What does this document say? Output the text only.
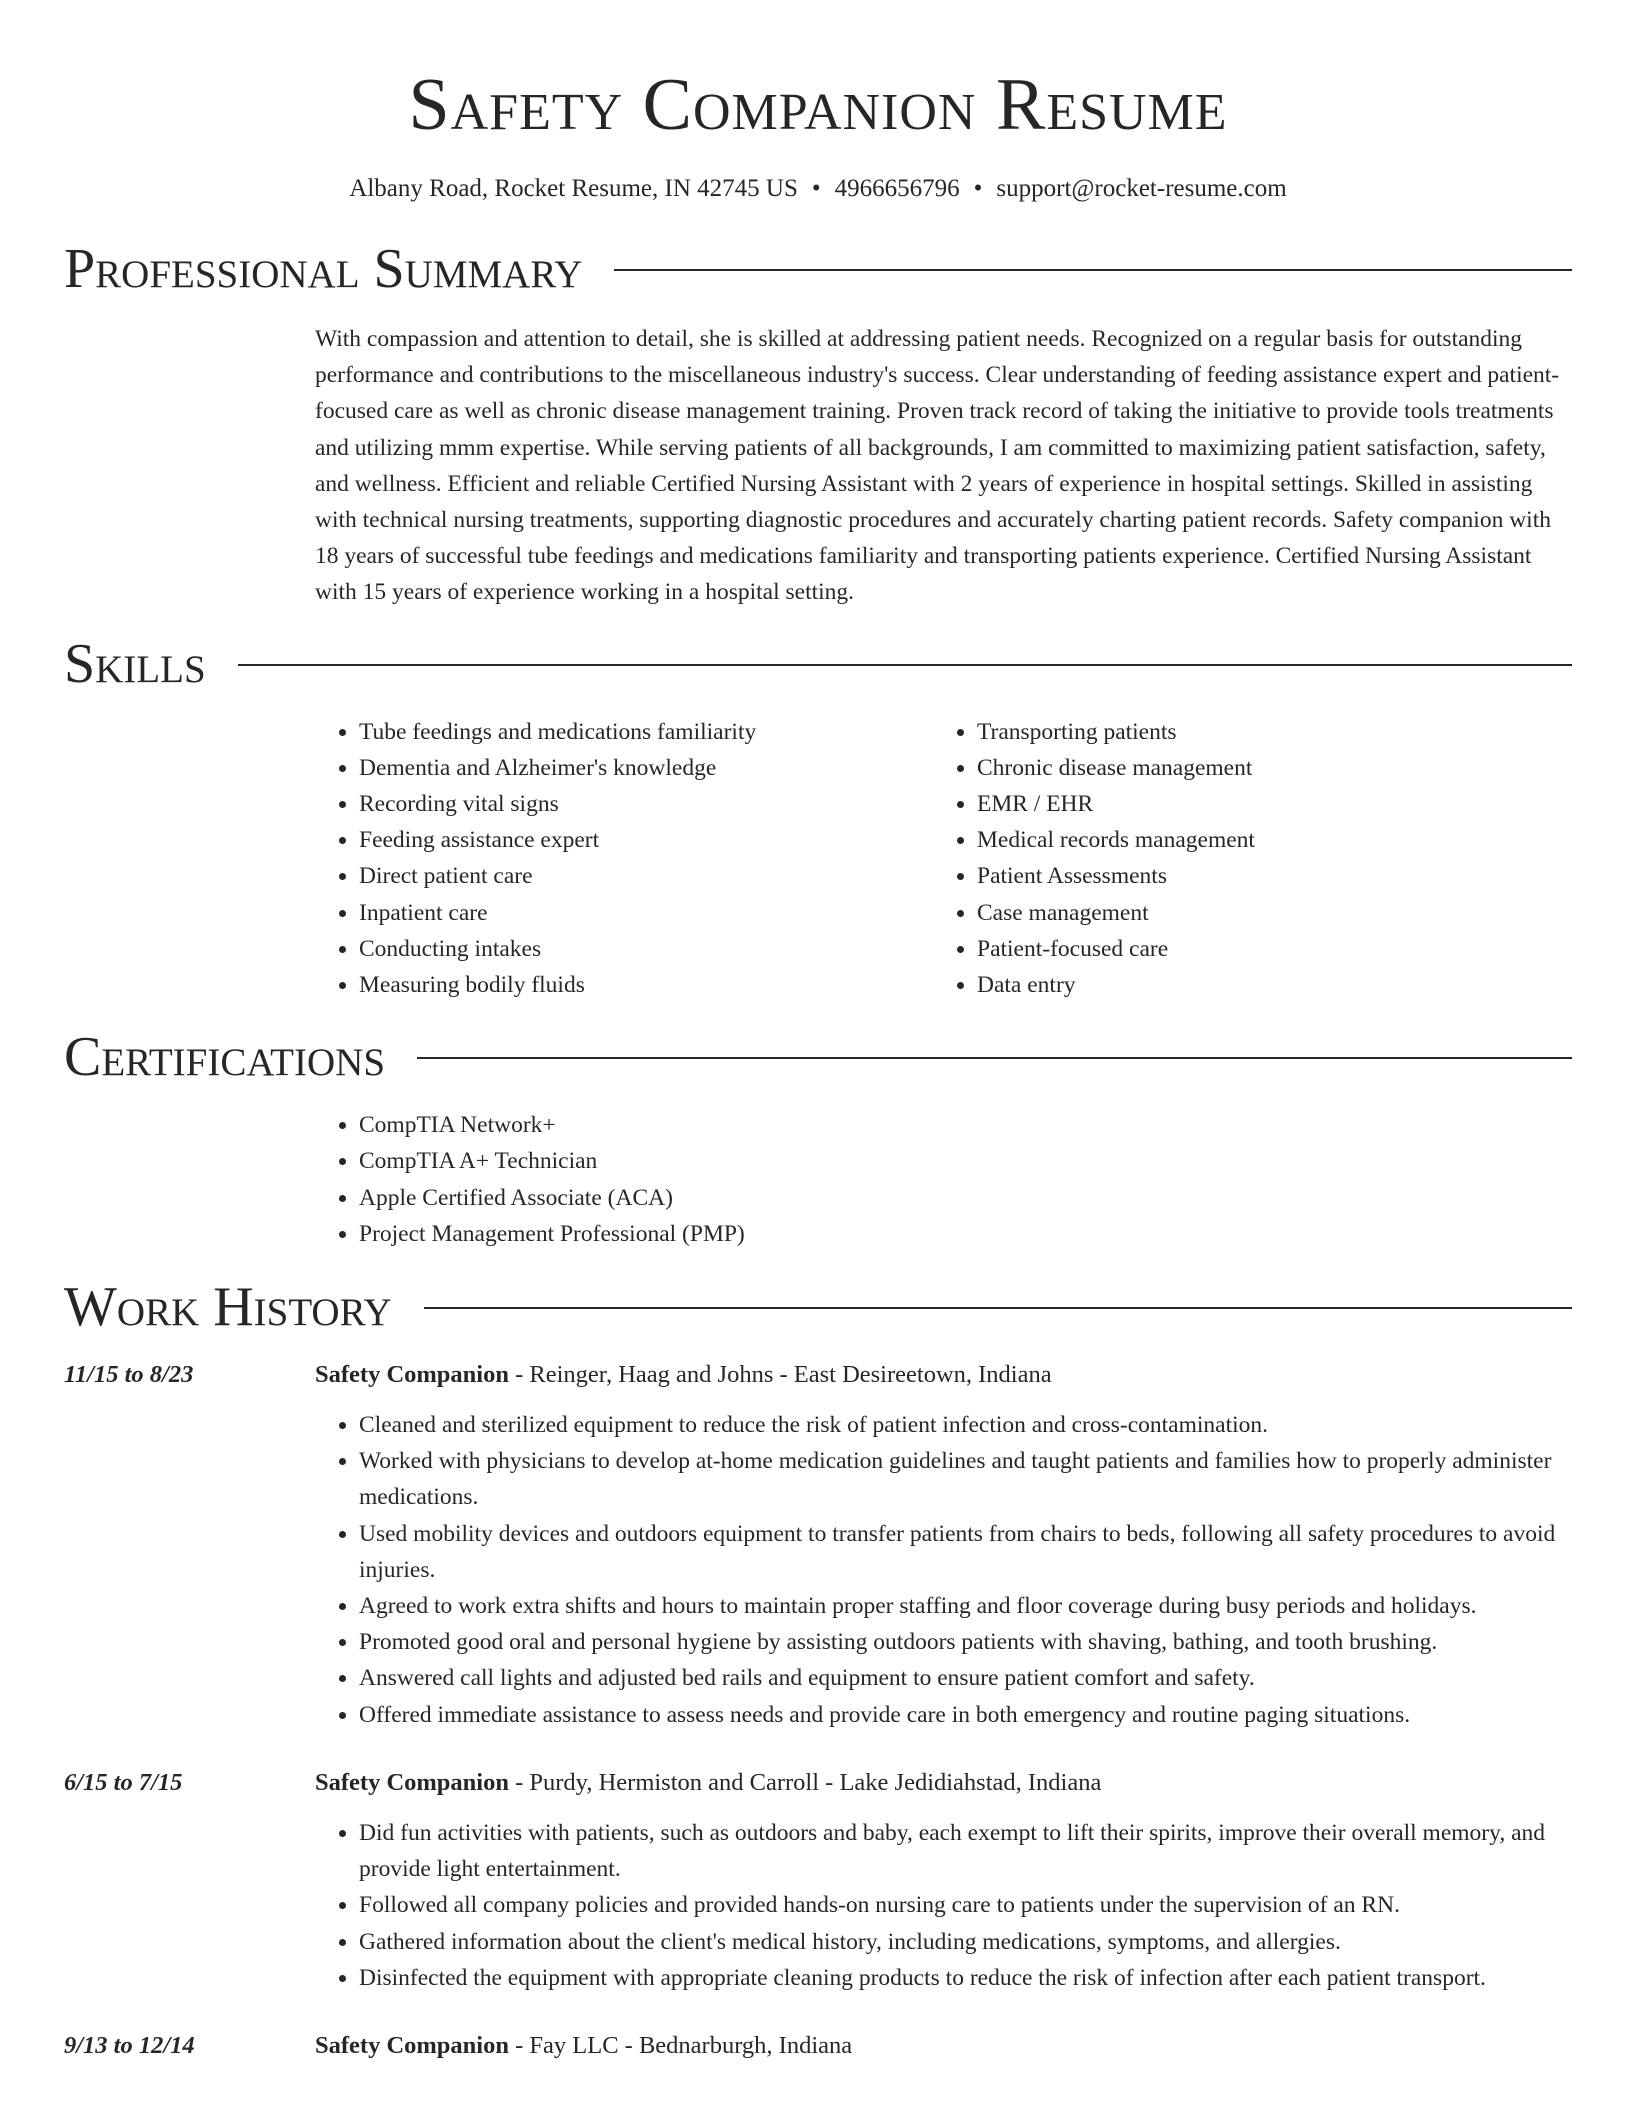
Safety Companion Resume
Albany Road, Rocket Resume, IN 42745 US • 4966656796 • support@rocket-resume.com
Professional Summary

With compassion and attention to detail, she is skilled at addressing patient needs. Recognized on a regular basis for outstanding performance and contributions to the miscellaneous industry's success. Clear understanding of feeding assistance expert and patient-focused care as well as chronic disease management training. Proven track record of taking the initiative to provide tools treatments and utilizing mmm expertise. While serving patients of all backgrounds, I am committed to maximizing patient satisfaction, safety, and wellness. Efficient and reliable Certified Nursing Assistant with 2 years of experience in hospital settings. Skilled in assisting with technical nursing treatments, supporting diagnostic procedures and accurately charting patient records. Safety companion with 18 years of successful tube feedings and medications familiarity and transporting patients experience. Certified Nursing Assistant with 15 years of experience working in a hospital setting.

Skills
• Tube feedings and medications familiarity
• Dementia and Alzheimer's knowledge
• Recording vital signs
• Feeding assistance expert
• Direct patient care
• Inpatient care
• Conducting intakes
• Measuring bodily fluids
• Transporting patients
• Chronic disease management
• EMR / EHR
• Medical records management
• Patient Assessments
• Case management
• Patient-focused care
• Data entry
Certifications
• CompTIA Network+
• CompTIA A+ Technician
• Apple Certified Associate (ACA)
• Project Management Professional (PMP)
Work History
11/15 to 8/23	Safety Companion - Reinger, Haag and Johns - East Desireetown, Indiana
• Cleaned and sterilized equipment to reduce the risk of patient infection and cross-contamination.
• Worked with physicians to develop at-home medication guidelines and taught patients and families how to properly administer medications.
• Used mobility devices and outdoors equipment to transfer patients from chairs to beds, following all safety procedures to avoid injuries.
• Agreed to work extra shifts and hours to maintain proper staffing and floor coverage during busy periods and holidays.
• Promoted good oral and personal hygiene by assisting outdoors patients with shaving, bathing, and tooth brushing.
• Answered call lights and adjusted bed rails and equipment to ensure patient comfort and safety.
• Offered immediate assistance to assess needs and provide care in both emergency and routine paging situations.
6/15 to 7/15	Safety Companion - Purdy, Hermiston and Carroll - Lake Jedidiahstad, Indiana
• Did fun activities with patients, such as outdoors and baby, each exempt to lift their spirits, improve their overall memory, and provide light entertainment.
• Followed all company policies and provided hands-on nursing care to patients under the supervision of an RN.
• Gathered information about the client's medical history, including medications, symptoms, and allergies.
• Disinfected the equipment with appropriate cleaning products to reduce the risk of infection after each patient transport.
9/13 to 12/14	Safety Companion - Fay LLC - Bednarburgh, Indiana
